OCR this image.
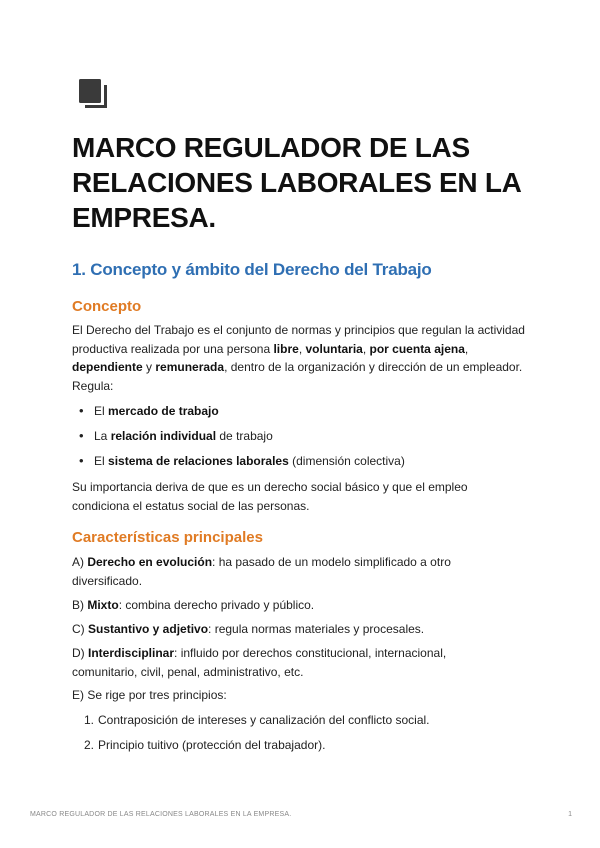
MARCO REGULADOR DE LAS RELACIONES LABORALES EN LA EMPRESA.
1. Concepto y ámbito del Derecho del Trabajo
Concepto

El Derecho del Trabajo es el conjunto de normas y principios que regulan la actividad productiva realizada por una persona libre, voluntaria, por cuenta ajena, dependiente y remunerada, dentro de la organización y dirección de un empleador. Regula:

• El mercado de trabajo
• La relación individual de trabajo
• El sistema de relaciones laborales (dimensión colectiva)

Su importancia deriva de que es un derecho social básico y que el empleo condiciona el estatus social de las personas.

Características principales

A) Derecho en evolución: ha pasado de un modelo simplificado a otro diversificado.

B) Mixto: combina derecho privado y público.

C) Sustantivo y adjetivo: regula normas materiales y procesales.

D) Interdisciplinar: influido por derechos constitucional, internacional, comunitario, civil, penal, administrativo, etc.

E) Se rige por tres principios:

1. Contraposición de intereses y canalización del conflicto social.
2. Principio tuitivo (protección del trabajador).
MARCO REGULADOR DE LAS RELACIONES LABORALES EN LA EMPRESA.	1
